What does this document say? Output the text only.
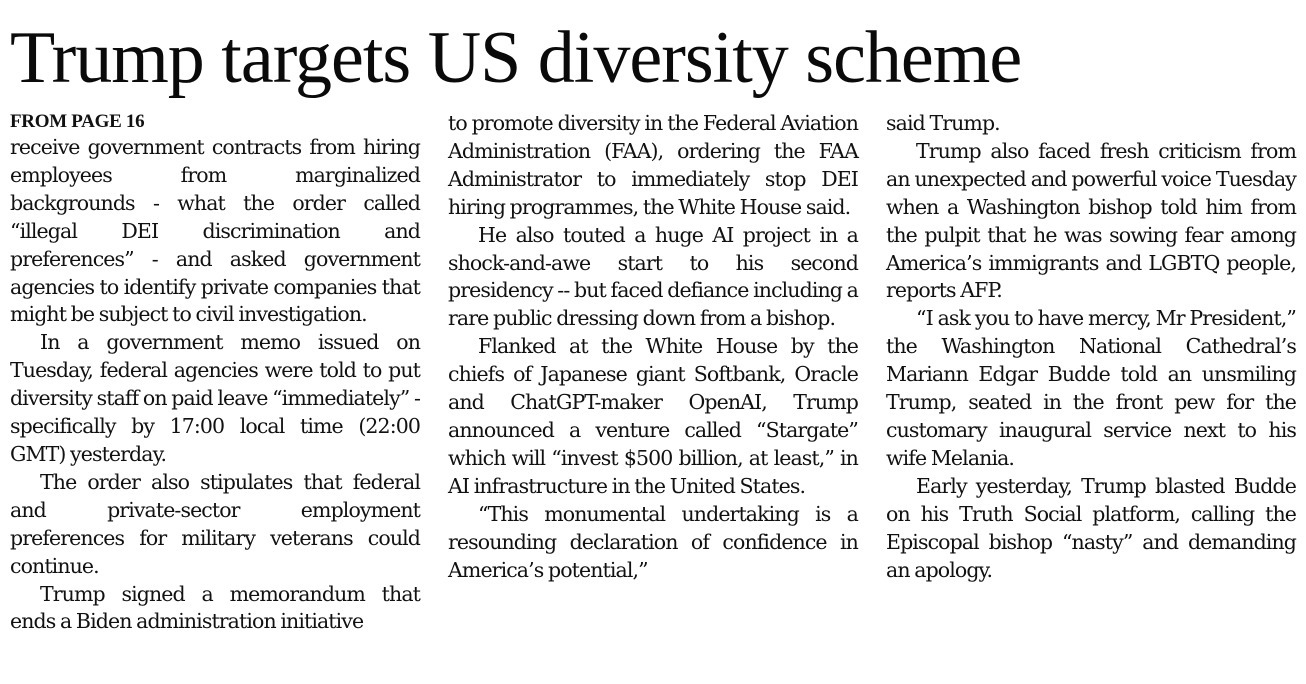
Trump targets US diversity scheme
FROM PAGE 16

receive government contracts from hiring employees from marginalized backgrounds - what the order called “illegal DEI discrimination and preferences” - and asked government agencies to identify private companies that might be subject to civil investigation.

In a government memo issued on Tuesday, federal agencies were told to put diversity staff on paid leave “immediately” - specifically by 17:00 local time (22:00 GMT) yesterday.

The order also stipulates that federal and private-sector employment preferences for military veterans could continue.

Trump signed a memorandum that ends a Biden administration initiative

to promote diversity in the Federal Aviation Administration (FAA), ordering the FAA Administrator to immediately stop DEI hiring programmes, the White House said.

He also touted a huge AI project in a shock-and-awe start to his second presidency -- but faced defiance including a rare public dressing down from a bishop.

Flanked at the White House by the chiefs of Japanese giant Softbank, Oracle and ChatGPT-maker OpenAI, Trump announced a venture called “Stargate” which will “invest $500 billion, at least,” in AI infrastructure in the United States.

“This monumental undertaking is a resounding declaration of confidence in America’s potential,”

said Trump.

Trump also faced fresh criticism from an unexpected and powerful voice Tuesday when a Washington bishop told him from the pulpit that he was sowing fear among America’s immigrants and LGBTQ people, reports AFP.

“I ask you to have mercy, Mr President,” the Washington National Cathedral’s Mariann Edgar Budde told an unsmiling Trump, seated in the front pew for the customary inaugural service next to his wife Melania.

Early yesterday, Trump blasted Budde on his Truth Social platform, calling the Episcopal bishop “nasty” and demanding an apology.
